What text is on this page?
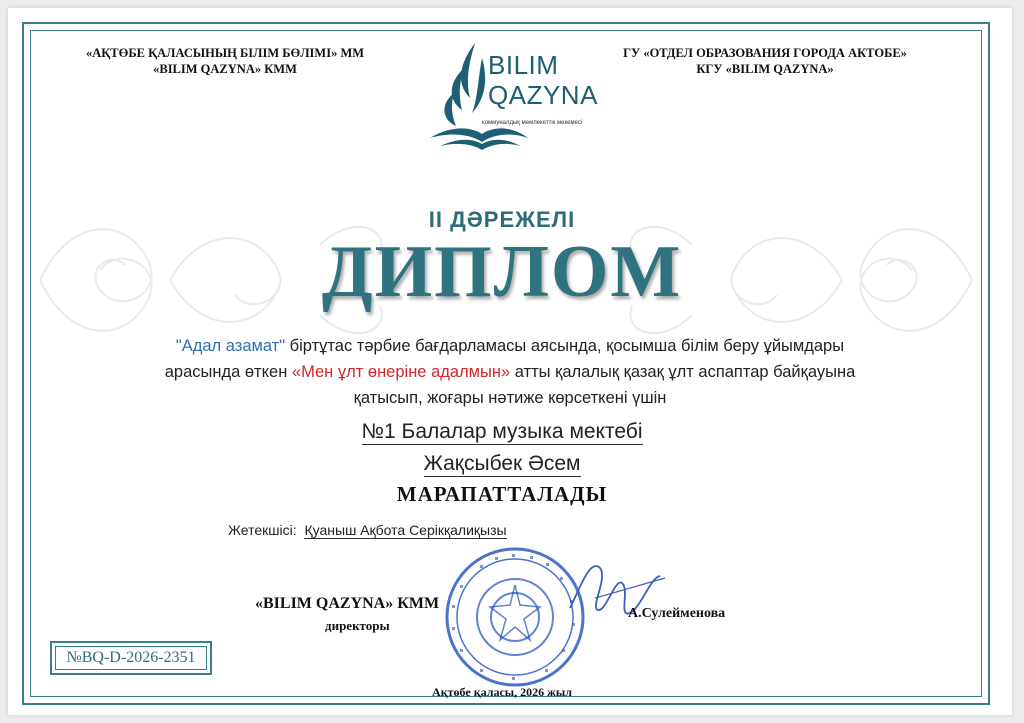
«АҚТӨБЕ ҚАЛАСЫНЫҢ БІЛІМ БӨЛІМІ» ММ
«BILIM QAZYNA» КММ
ГУ «ОТДЕЛ ОБРАЗОВАНИЯ ГОРОДА АКТОБЕ»
КГУ «BILIM QAZYNA»
BILIM
QAZYNA
коммуналдық мемлекеттік мекемесі
II ДӘРЕЖЕЛІ
ДИПЛОМ
"Адал азамат" біртұтас тәрбие бағдарламасы аясында, қосымша білім беру ұйымдары арасында өткен «Мен ұлт өнеріне адалмын» атты қалалық қазақ ұлт аспаптар байқауына қатысып, жоғары нәтиже көрсеткені үшін
№1 Балалар музыка мектебі
Жақсыбек Әсем
МАРАПАТТАЛАДЫ
Жетекшісі: Қуаныш Ақбота Серікқалиқызы
«BILIM QAZYNA» КММ
директоры
А.Сулейменова
№BQ-D-2026-2351
Ақтөбе қаласы, 2026 жыл
